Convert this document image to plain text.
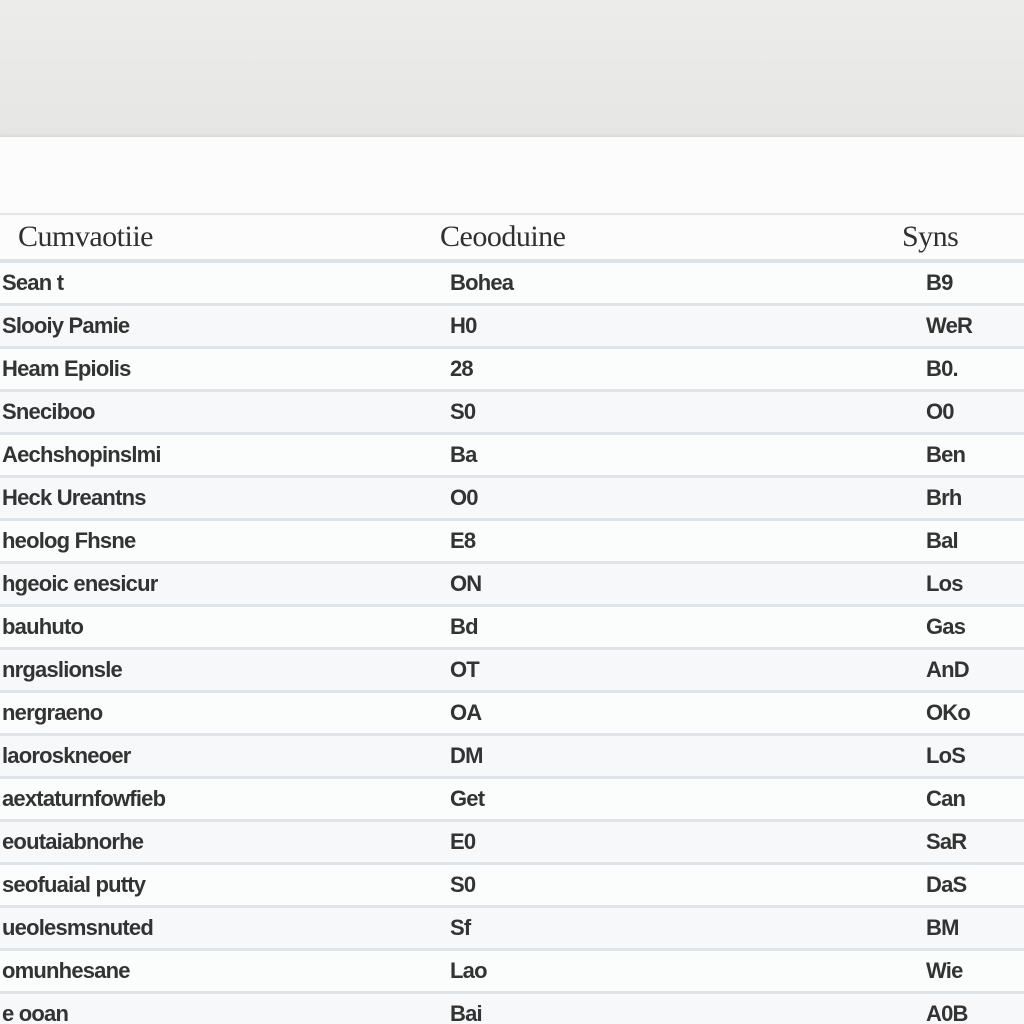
Cumvaotiie	Ceooduine	Syns
Sean t	Bohea	B9
Slooiy Pamie	H0	WeR
Heam Epiolis	28	B0.
Sneciboo	S0	O0
Aechshopinslmi	Ba	Ben
Heck Ureantns	O0	Brh
heolog Fhsne	E8	Bal
hgeoic enesicur	ON	Los
bauhuto	Bd	Gas
nrgaslionsle	OT	AnD
nergraeno	OA	OKo
laoroskneoer	DM	LoS
aextaturnfowfieb	Get	Can
eoutaiabnorhe	E0	SaR
seofuaial putty	S0	DaS
ueolesmsnuted	Sf	BM
omunhesane	Lao	Wie
e ooan	Bai	A0B
